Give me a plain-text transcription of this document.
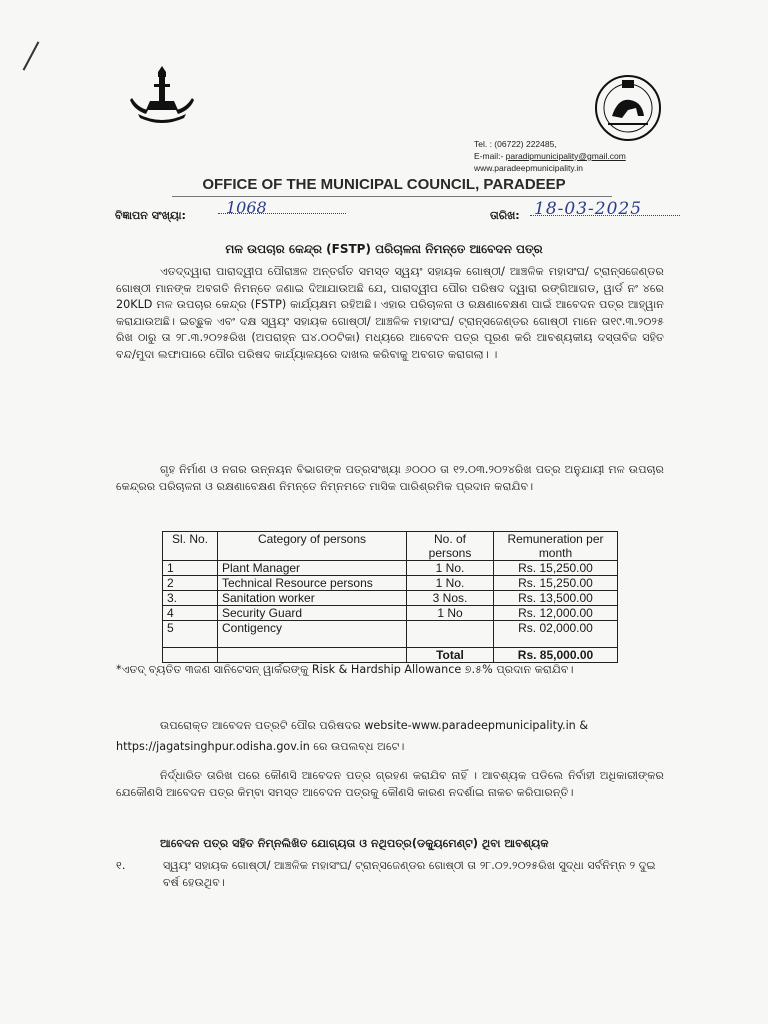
Tel. : (06722) 222485,
E-mail:- paradipmunicipality@gmail.com
www.paradeepmunicipality.in
OFFICE OF THE MUNICIPAL COUNCIL, PARADEEP
ବିଜ୍ଞାପନ ସଂଖ୍ୟା:	1068	ତାରିଖ: 18-03-2025
ମଳ ଉପଚାର କେନ୍ଦ୍ର (FSTP) ପରିଚାଳନା ନିମନ୍ତେ ଆବେଦନ ପତ୍ର
ଏତଦ୍‌ଦ୍ୱାରା ପାରାଦ୍ୱୀପ ପୌରାଞ୍ଚଳ ଅନ୍ତର୍ଗତ ସମସ୍ତ ସ୍ୱୟଂ ସହାୟକ ଗୋଷ୍ଠୀ/ ଆଞ୍ଚଳିକ ମହାସଂଘ/ ଟ୍ରାନ୍ସଜେଣ୍ଡର ଗୋଷ୍ଠୀ ମାନଙ୍କ ଅବଗତି ନିମନ୍ତେ ଜଣାଇ ଦିଆଯାଉଅଛି ଯେ, ପାରାଦ୍ୱୀପ ପୌର ପରିଷଦ ଦ୍ୱାରା ରଙ୍ଗିଆଗଡ, ୱାର୍ଡ ନଂ ୪ରେ 20KLD ମଳ ଉପଚାର କେନ୍ଦ୍ର (FSTP) କାର୍ଯ୍ୟକ୍ଷମ ରହିଅଛି। ଏହାର ପରିଚାଳନା ଓ ରକ୍ଷଣାବେକ୍ଷଣ ପାଇଁ ଆବେଦନ ପତ୍ର ଆହ୍ୱାନ କରାଯାଉଅଛି। ଇଚ୍ଛୁକ ଏବଂ ଦକ୍ଷ ସ୍ୱୟଂ ସହାୟକ ଗୋଷ୍ଠୀ/ ଆଞ୍ଚଳିକ ମହାସଂଘ/ ଟ୍ରାନ୍ସଜେଣ୍ଡର ଗୋଷ୍ଠୀ ମାନେ ତା୧୯.୩.୨୦୨୫ ରିଖ ଠାରୁ ତା ୨୮.୩.୨୦୨୫ରିଖ (ଅପରାହ୍ନ ଘ୪.୦୦ଟିକା) ମଧ୍ୟରେ ଆବେଦନ ପତ୍ର ପୂରଣ କରି ଆବଶ୍ୟକୀୟ ଦସ୍ତାବିଜ ସହିତ ବନ୍ଦ/ମୁଦା ଲଫାପାରେ ପୌର ପରିଷଦ କାର୍ଯ୍ୟାଳୟରେ ଦାଖଲ କରିବାକୁ ଅବଗତ କରାଗଲା। ।
ଗୃହ ନିର୍ମାଣ ଓ ନଗର ଉନ୍ନୟନ ବିଭାଗଙ୍କ ପତ୍ରସଂଖ୍ୟା ୬୦୦୦ ତା ୧୨.୦୩.୨୦୨୪ରିଖ ପତ୍ର ଅନୁଯାୟୀ ମଳ ଉପଚାର କେନ୍ଦ୍ରର ପରିଚାଳନା ଓ ରକ୍ଷଣାବେକ୍ଷଣ ନିମନ୍ତେ ନିମ୍ନମତେ ମାସିକ ପାରିଶ୍ରମିକ ପ୍ରଦାନ କରାଯିବ।
Sl. No.	Category of persons	No. of persons	Remuneration per month
1	Plant Manager	1 No.	Rs. 15,250.00
2	Technical Resource persons	1 No.	Rs. 15,250.00
3.	Sanitation worker	3 Nos.	Rs. 13,500.00
4	Security Guard	1 No	Rs. 12,000.00
5	Contigency		Rs. 02,000.00
		Total	Rs. 85,000.00
*ଏତଦ୍ ବ୍ୟତିତ ୩ଜଣ ସାନିଟେସନ୍ ୱାର୍କରଙ୍କୁ Risk & Hardship Allowance ୭.୫% ପ୍ରଦାନ କରାଯିବ।
ଉପରୋକ୍ତ ଆବେଦନ ପତ୍ରଟି ପୌର ପରିଷଦର website-www.paradeepmunicipality.in &
https://jagatsinghpur.odisha.gov.in ରେ ଉପଲବ୍ଧ ଅଟେ।
ନିର୍ଦ୍ଧାରିତ ତାରିଖ ପରେ କୌଣସି ଆବେଦନ ପତ୍ର ଗ୍ରହଣ କରାଯିବ ନାହିଁ । ଆବଶ୍ୟକ ପଡିଲେ ନିର୍ବାହୀ ଅଧିକାରୀଙ୍କର ଯେକୌଣସି ଆବେଦନ ପତ୍ର କିମ୍ବା ସମସ୍ତ ଆବେଦନ ପତ୍ରକୁ କୌଣସି କାରଣ ନଦର୍ଶାଇ ନାକଚ କରିପାରନ୍ତି।
ଆବେଦନ ପତ୍ର ସହିତ ନିମ୍ନଲିଖିତ ଯୋଗ୍ୟତା ଓ ନଥିପତ୍ର(ଡକ୍ୟୁମେଣ୍ଟ) ଥିବା ଆବଶ୍ୟକ
୧.	ସ୍ୱୟଂ ସହାୟକ ଗୋଷ୍ଠୀ/ ଆଞ୍ଚଳିକ ମହାସଂଘ/ ଟ୍ରାନ୍ସଜେଣ୍ଡର ଗୋଷ୍ଠୀ ତା ୨୮.୦୨.୨୦୨୫ରିଖ ସୁଦ୍ଧା ସର୍ବନିମ୍ନ ୨ ଦୁଇ ବର୍ଷ ହେଉଥିବ।
